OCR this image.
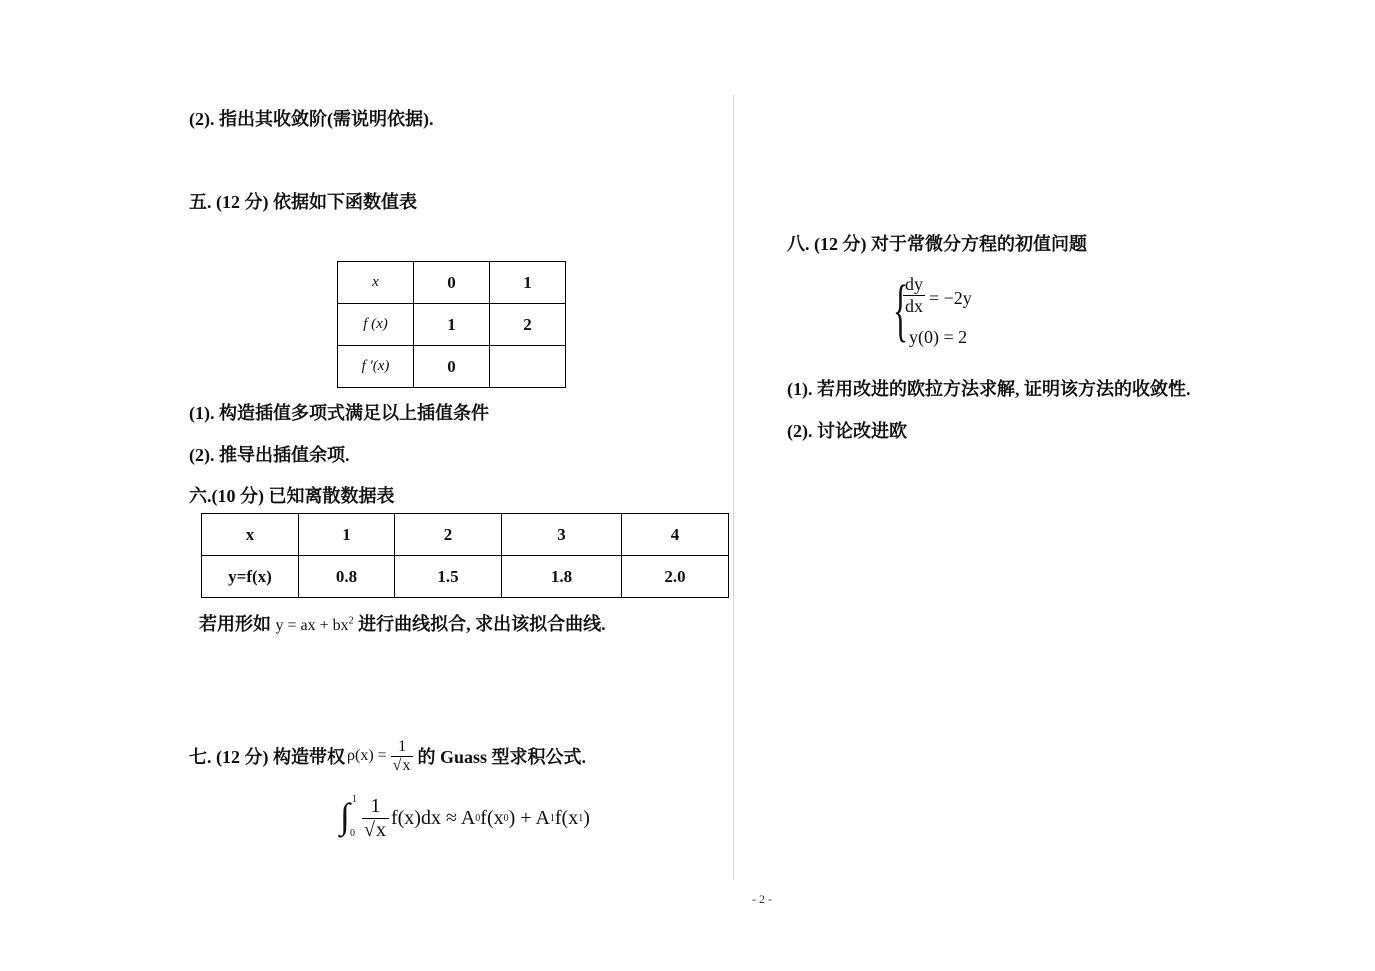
(2). 指出其收敛阶(需说明依据).
五. (12 分) 依据如下函数值表
x	0	1
f (x)	1	2
f '(x)	0	
(1). 构造插值多项式满足以上插值条件
(2). 推导出插值余项.
六.(10 分) 已知离散数据表
x	1	2	3	4
y=f(x)	0.8	1.5	1.8	2.0
若用形如 y = ax + $bx^2$ 进行曲线拟合, 求出该拟合曲线.
七. (12 分) 构造带权 $\rho(x) = \frac{1}{√x}$ 的 Guass 型求积公式.
∫ 1
$0 \frac{1}{√x} f(x)dx \approx A$ 0 f(x 0 ) + A 1 f(x 1 )
八. (12 分) 对于常微分方程的初值问题
{
$\frac{dy}{dx} = -2y$
y(0) = 2
(1). 若用改进的欧拉方法求解, 证明该方法的收敛性.
(2). 讨论改进欧
- 2 -
